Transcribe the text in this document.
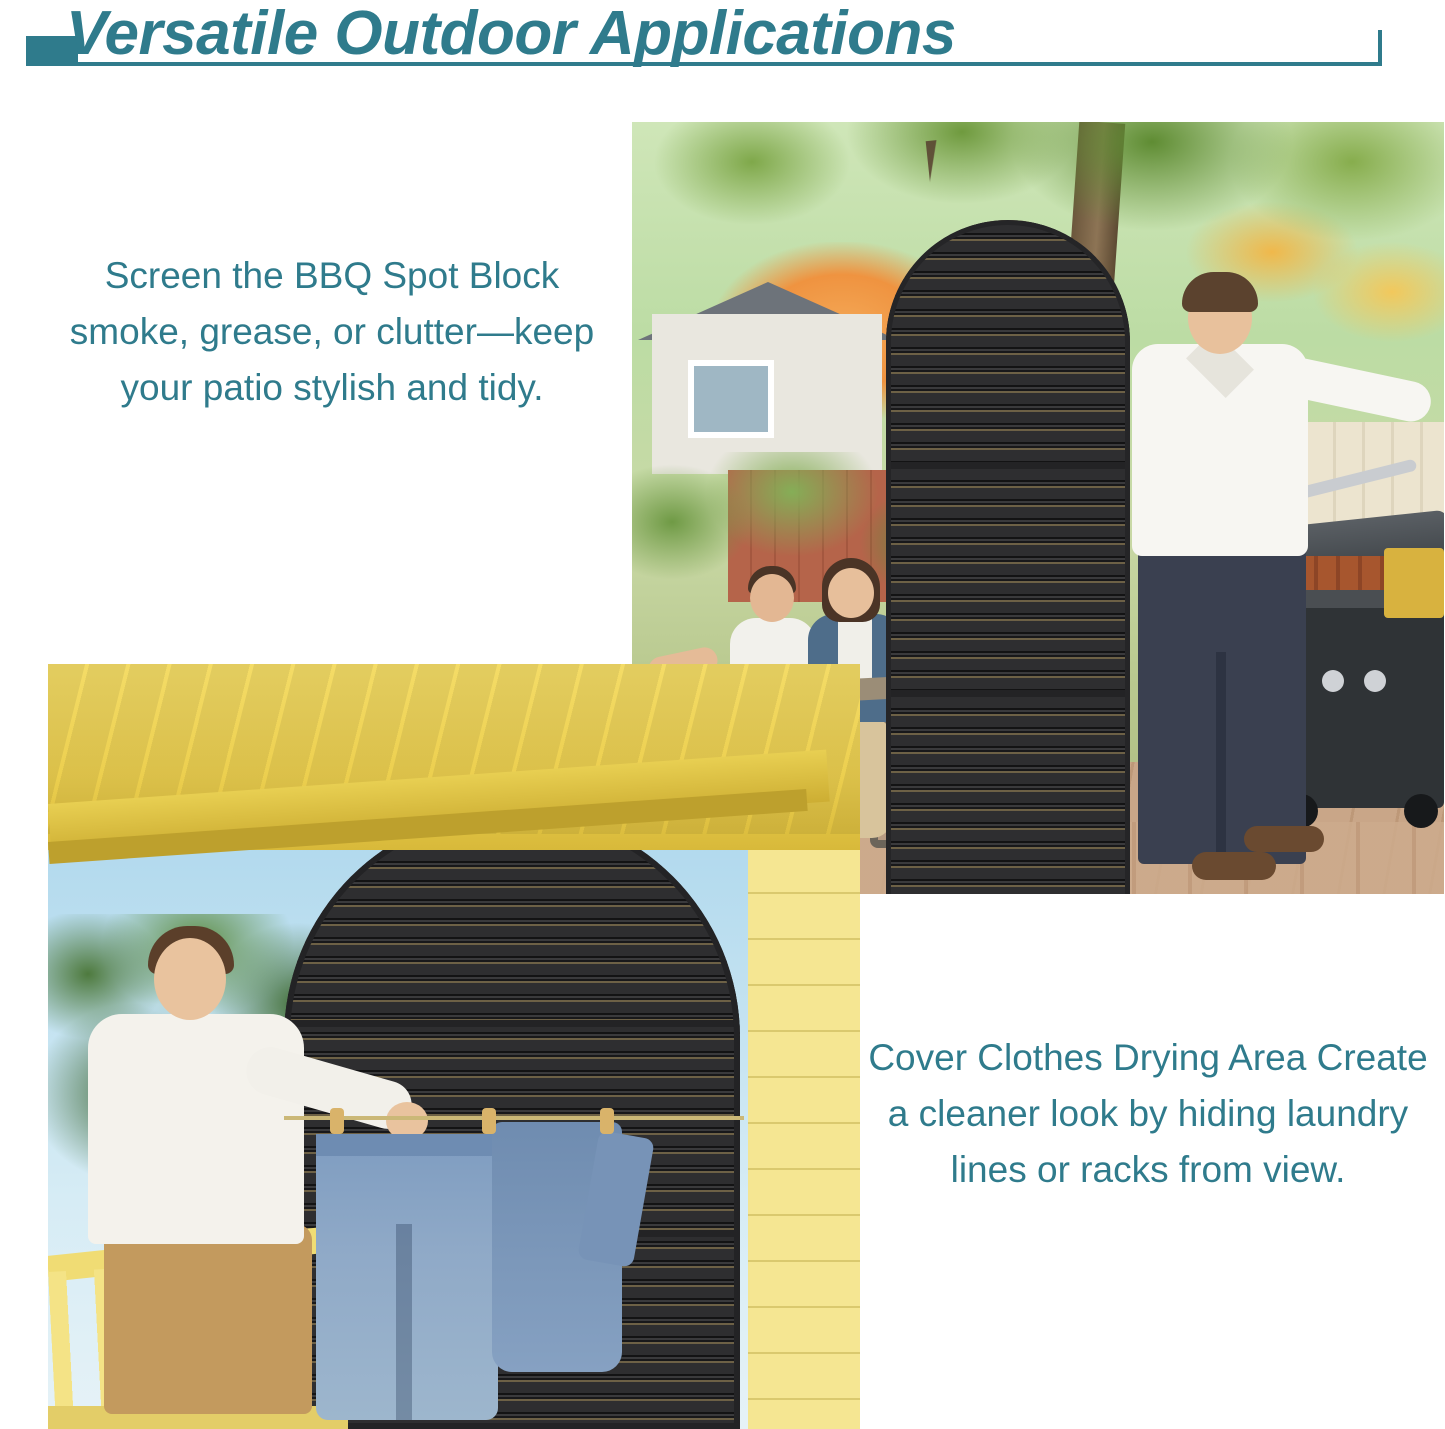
Versatile Outdoor Applications
Screen the BBQ Spot Block smoke, grease, or clutter—keep your patio stylish and tidy.
Cover Clothes Drying Area Create a cleaner look by hiding laundry lines or racks from view.
